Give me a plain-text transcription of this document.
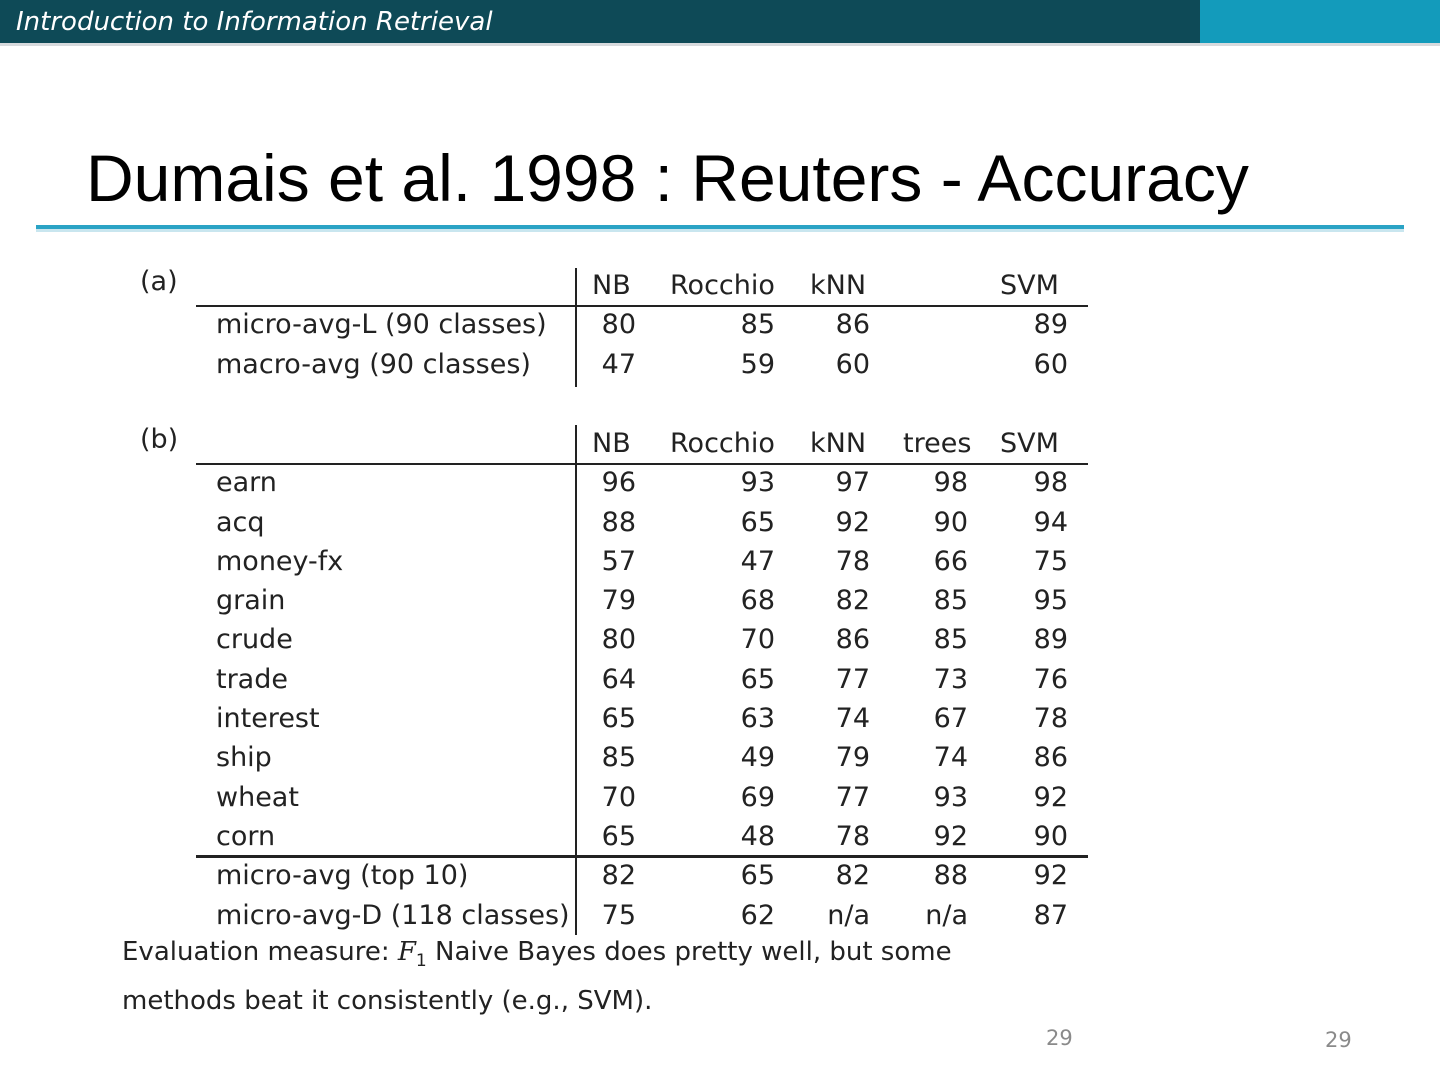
Introduction to Information Retrieval
Dumais et al. 1998 : Reuters - Accuracy
(a)	NB	Rocchio kNN	SVM
micro-avg-L (90 classes)	80	85	86	89
macro-avg (90 classes)	47	59	60	60
(b)	NB	Rocchio kNN trees SVM
earn	96	93	97	98	98
acq	88	65	92	90	94
money-fx	57	47	78	66	75
grain	79	68	82	85	95
crude	80	70	86	85	89
trade	64	65	77	73	76
interest	65	63	74	67	78
ship	85	49	79	74	86
wheat	70	69	77	93	92
corn	65	48	78	92	90
micro-avg (top 10)	82	65	82	88	92
micro-avg-D (118 classes)	75	62	n/a	n/a	87
Evaluation measure: $F_1$ Naive Bayes does pretty well, but some
methods beat it consistently (e.g., SVM).
29	29
